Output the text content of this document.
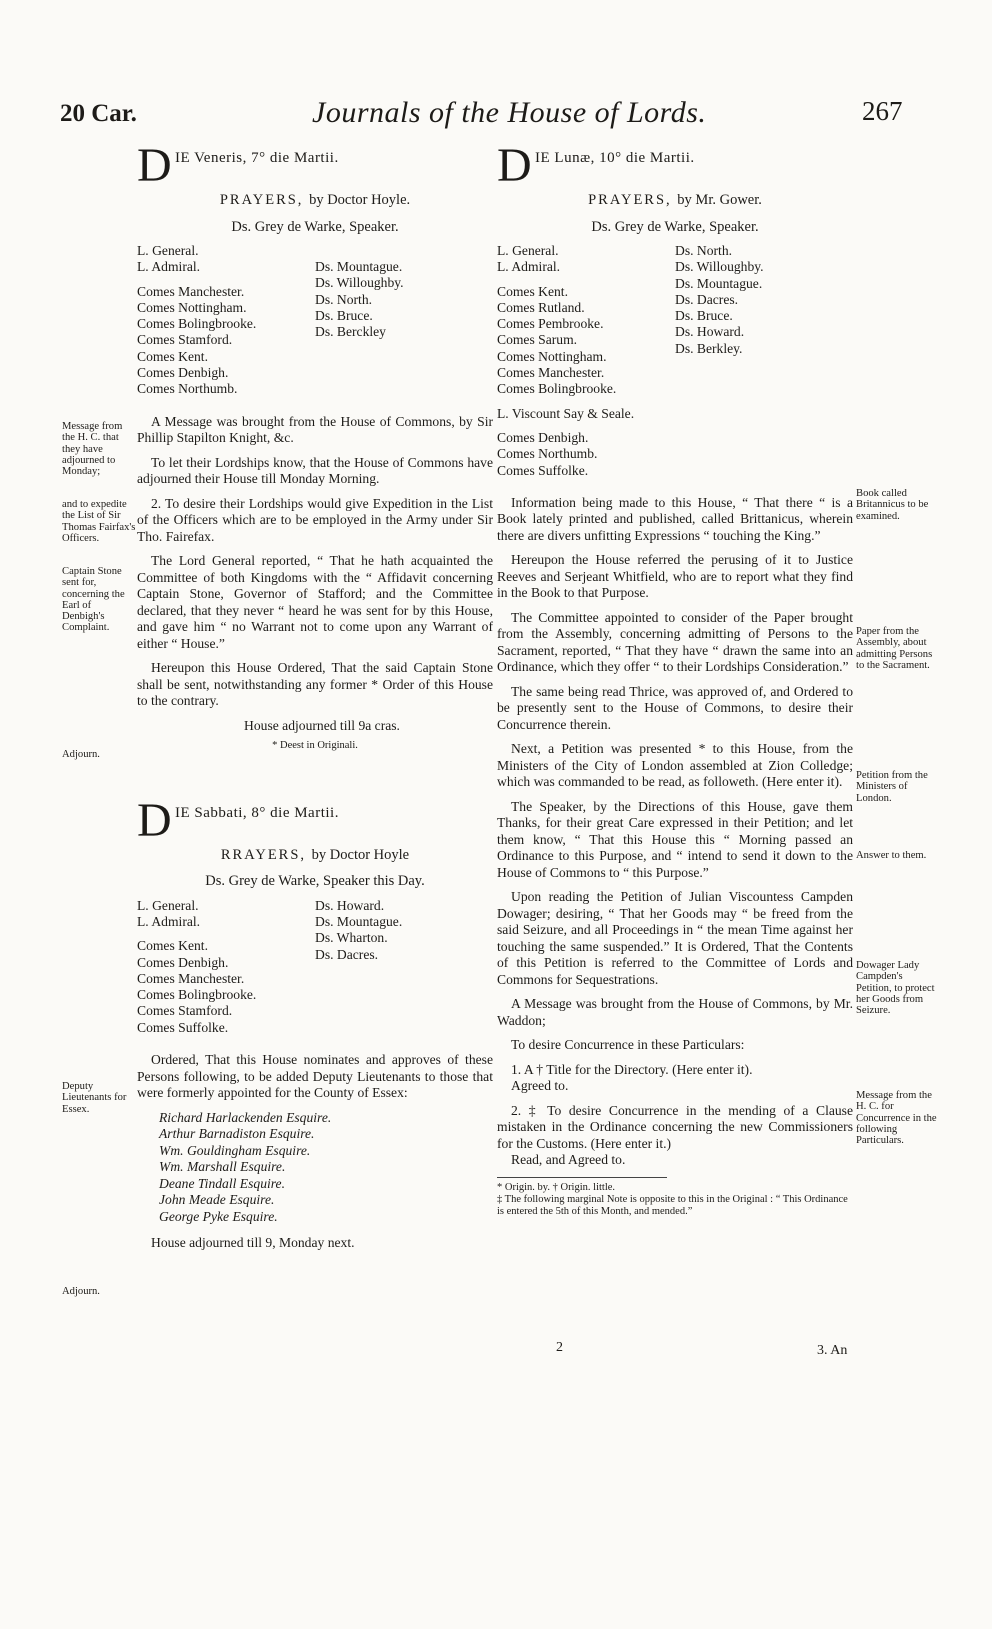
20 Car.	Journals of the House of Lords.	267
D IE Veneris, 7° die Martii.
PRAYERS, by Doctor Hoyle.
Ds. Grey de Warke, Speaker.
L. General.
L. Admiral.
Comes Manchester.
Comes Nottingham.
Comes Bolingbrooke.
Comes Stamford.
Comes Kent.
Comes Denbigh.
Comes Northumb.
Ds. Mountague.
Ds. Willoughby.
Ds. North.
Ds. Bruce.
Ds. Berckley

A Message was brought from the House of Commons, by Sir Phillip Stapilton Knight, &c.

To let their Lordships know, that the House of Commons have adjourned their House till Monday Morning.

2. To desire their Lordships would give Expedition in the List of the Officers which are to be employed in the Army under Sir Tho. Fairefax.

The Lord General reported, “ That he hath acquainted the Committee of both Kingdoms with the “ Affidavit concerning Captain Stone, Governor of Stafford; and the Committee declared, that they never “ heard he was sent for by this House, and gave him “ no Warrant not to come upon any Warrant of either “ House.”

Hereupon this House Ordered, That the said Captain Stone shall be sent, notwithstanding any former * Order of this House to the contrary.

House adjourned till 9a cras.

* Deest in Originali.
D IE Sabbati, 8° die Martii.
RRAYERS, by Doctor Hoyle
Ds. Grey de Warke, Speaker this Day.
L. General.
L. Admiral.
Comes Kent.
Comes Denbigh.
Comes Manchester.
Comes Bolingbrooke.
Comes Stamford.
Comes Suffolke.
Ds. Howard.
Ds. Mountague.
Ds. Wharton.
Ds. Dacres.

Ordered, That this House nominates and approves of these Persons following, to be added Deputy Lieutenants to those that were formerly appointed for the County of Essex:

Richard Harlackenden Esquire.
Arthur Barnadiston Esquire.
Wm. Gouldingham Esquire.
Wm. Marshall Esquire.
Deane Tindall Esquire.
John Meade Esquire.
George Pyke Esquire.

House adjourned till 9, Monday next.

D IE Lunæ, 10° die Martii.
PRAYERS, by Mr. Gower.
Ds. Grey de Warke, Speaker.
L. General.
L. Admiral.
Comes Kent.
Comes Rutland.
Comes Pembrooke.
Comes Sarum.
Comes Nottingham.
Comes Manchester.
Comes Bolingbrooke.
L. Viscount Say & Seale.
Comes Denbigh.
Comes Northumb.
Comes Suffolke.
Ds. North.
Ds. Willoughby.
Ds. Mountague.
Ds. Dacres.
Ds. Bruce.
Ds. Howard.
Ds. Berkley.

Information being made to this House, “ That there “ is a Book lately printed and published, called Brittanicus, wherein there are divers unfitting Expressions “ touching the King.”

Hereupon the House referred the perusing of it to Justice Reeves and Serjeant Whitfield, who are to report what they find in the Book to that Purpose.

The Committee appointed to consider of the Paper brought from the Assembly, concerning admitting of Persons to the Sacrament, reported, “ That they have “ drawn the same into an Ordinance, which they offer “ to their Lordships Consideration.”

The same being read Thrice, was approved of, and Ordered to be presently sent to the House of Commons, to desire their Concurrence therein.

Next, a Petition was presented * to this House, from the Ministers of the City of London assembled at Zion Colledge; which was commanded to be read, as followeth. (Here enter it).

The Speaker, by the Directions of this House, gave them Thanks, for their great Care expressed in their Petition; and let them know, “ That this House this “ Morning passed an Ordinance to this Purpose, and “ intend to send it down to the House of Commons to “ this Purpose.”

Upon reading the Petition of Julian Viscountess Campden Dowager; desiring, “ That her Goods may “ be freed from the said Seizure, and all Proceedings in “ the mean Time against her touching the same suspended.” It is Ordered, That the Contents of this Petition is referred to the Committee of Lords and Commons for Sequestrations.

A Message was brought from the House of Commons, by Mr. Waddon;

To desire Concurrence in these Particulars:

1. A † Title for the Directory. (Here enter it).

Agreed to.

2. ‡ To desire Concurrence in the mending of a Clause mistaken in the Ordinance concerning the new Commissioners for the Customs. (Here enter it.)

Read, and Agreed to.

* Origin. by. † Origin. little.
‡ The following marginal Note is opposite to this in the Original : “ This Ordinance is entered the 5th of this Month, and mended.”
Message from the H. C. that they have adjourned to Monday;
and to expedite the List of Sir Thomas Fairfax's Officers.
Captain Stone sent for, concerning the Earl of Denbigh's Complaint.
Adjourn.
Deputy Lieutenants for Essex.
Adjourn.
Book called Britannicus to be examined.
Paper from the Assembly, about admitting Persons to the Sacrament.
Petition from the Ministers of London.
Answer to them.
Dowager Lady Campden's Petition, to protect her Goods from Seizure.
Message from the H. C. for Concurrence in the following Particulars.
2	3. An
